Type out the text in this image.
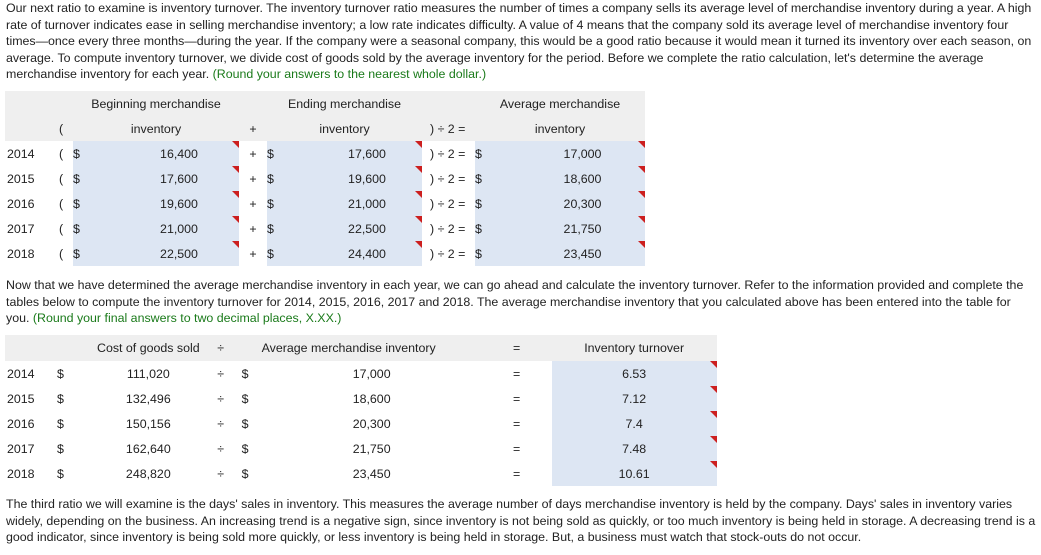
Our next ratio to examine is inventory turnover. The inventory turnover ratio measures the number of times a company sells its average level of merchandise inventory during a year. A high rate of turnover indicates ease in selling merchandise inventory; a low rate indicates difficulty. A value of 4 means that the company sold its average level of merchandise inventory four times—once every three months—during the year. If the company were a seasonal company, this would be a good ratio because it would mean it turned its inventory over each season, on average. To compute inventory turnover, we divide cost of goods sold by the average inventory for the period. Before we complete the ratio calculation, let's determine the average merchandise inventory for each year. (Round your answers to the nearest whole dollar.)

		Beginning merchandise			Ending merchandise				Average merchandise	
	(	inventory		+	inventory			) ÷ 2 =	inventory	
2014	(	$	16,400	+	$	17,600		) ÷ 2 =	$	17,000

2015	(	$	17,600	+	$	19,600		) ÷ 2 =	$	18,600

2016	(	$	19,600	+	$	21,000		) ÷ 2 =	$	20,300

2017	(	$	21,000	+	$	22,500		) ÷ 2 =	$	21,750

2018	(	$	22,500	+	$	24,400		) ÷ 2 =	$	23,450

Now that we have determined the average merchandise inventory in each year, we can go ahead and calculate the inventory turnover. Refer to the information provided and complete the tables below to compute the inventory turnover for 2014, 2015, 2016, 2017 and 2018. The average merchandise inventory that you calculated above has been entered into the table for you. (Round your final answers to two decimal places, X.XX.)

		Cost of goods sold	÷		Average merchandise inventory	=	Inventory turnover
2014	$	111,020	÷	$	17,000	=	6.53

2015	$	132,496	÷	$	18,600	=	7.12

2016	$	150,156	÷	$	20,300	=	7.4

2017	$	162,640	÷	$	21,750	=	7.48

2018	$	248,820	÷	$	23,450	=	10.61

The third ratio we will examine is the days' sales in inventory. This measures the average number of days merchandise inventory is held by the company. Days' sales in inventory varies widely, depending on the business. An increasing trend is a negative sign, since inventory is not being sold as quickly, or too much inventory is being held in storage. A decreasing trend is a good indicator, since inventory is being sold more quickly, or less inventory is being held in storage. But, a business must watch that stock-outs do not occur.
